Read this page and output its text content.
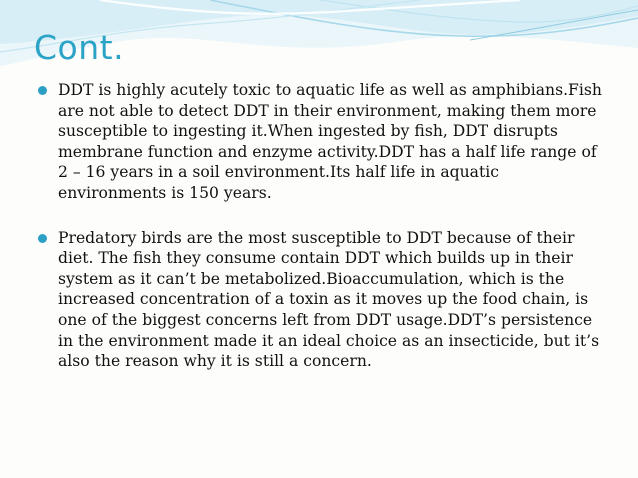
Cont.
DDT is highly acutely toxic to aquatic life as well as amphibians.Fish are not able to detect DDT in their environment, making them more susceptible to ingesting it.When ingested by fish, DDT disrupts membrane function and enzyme activity.DDT has a half life range of 2 – 16 years in a soil environment.Its half life in aquatic environments is 150 years.
Predatory birds are the most susceptible to DDT because of their diet. The fish they consume contain DDT which builds up in their system as it can’t be metabolized.Bioaccumulation, which is the increased concentration of a toxin as it moves up the food chain, is one of the biggest concerns left from DDT usage.DDT’s persistence in the environment made it an ideal choice as an insecticide, but it’s also the reason why it is still a concern.
